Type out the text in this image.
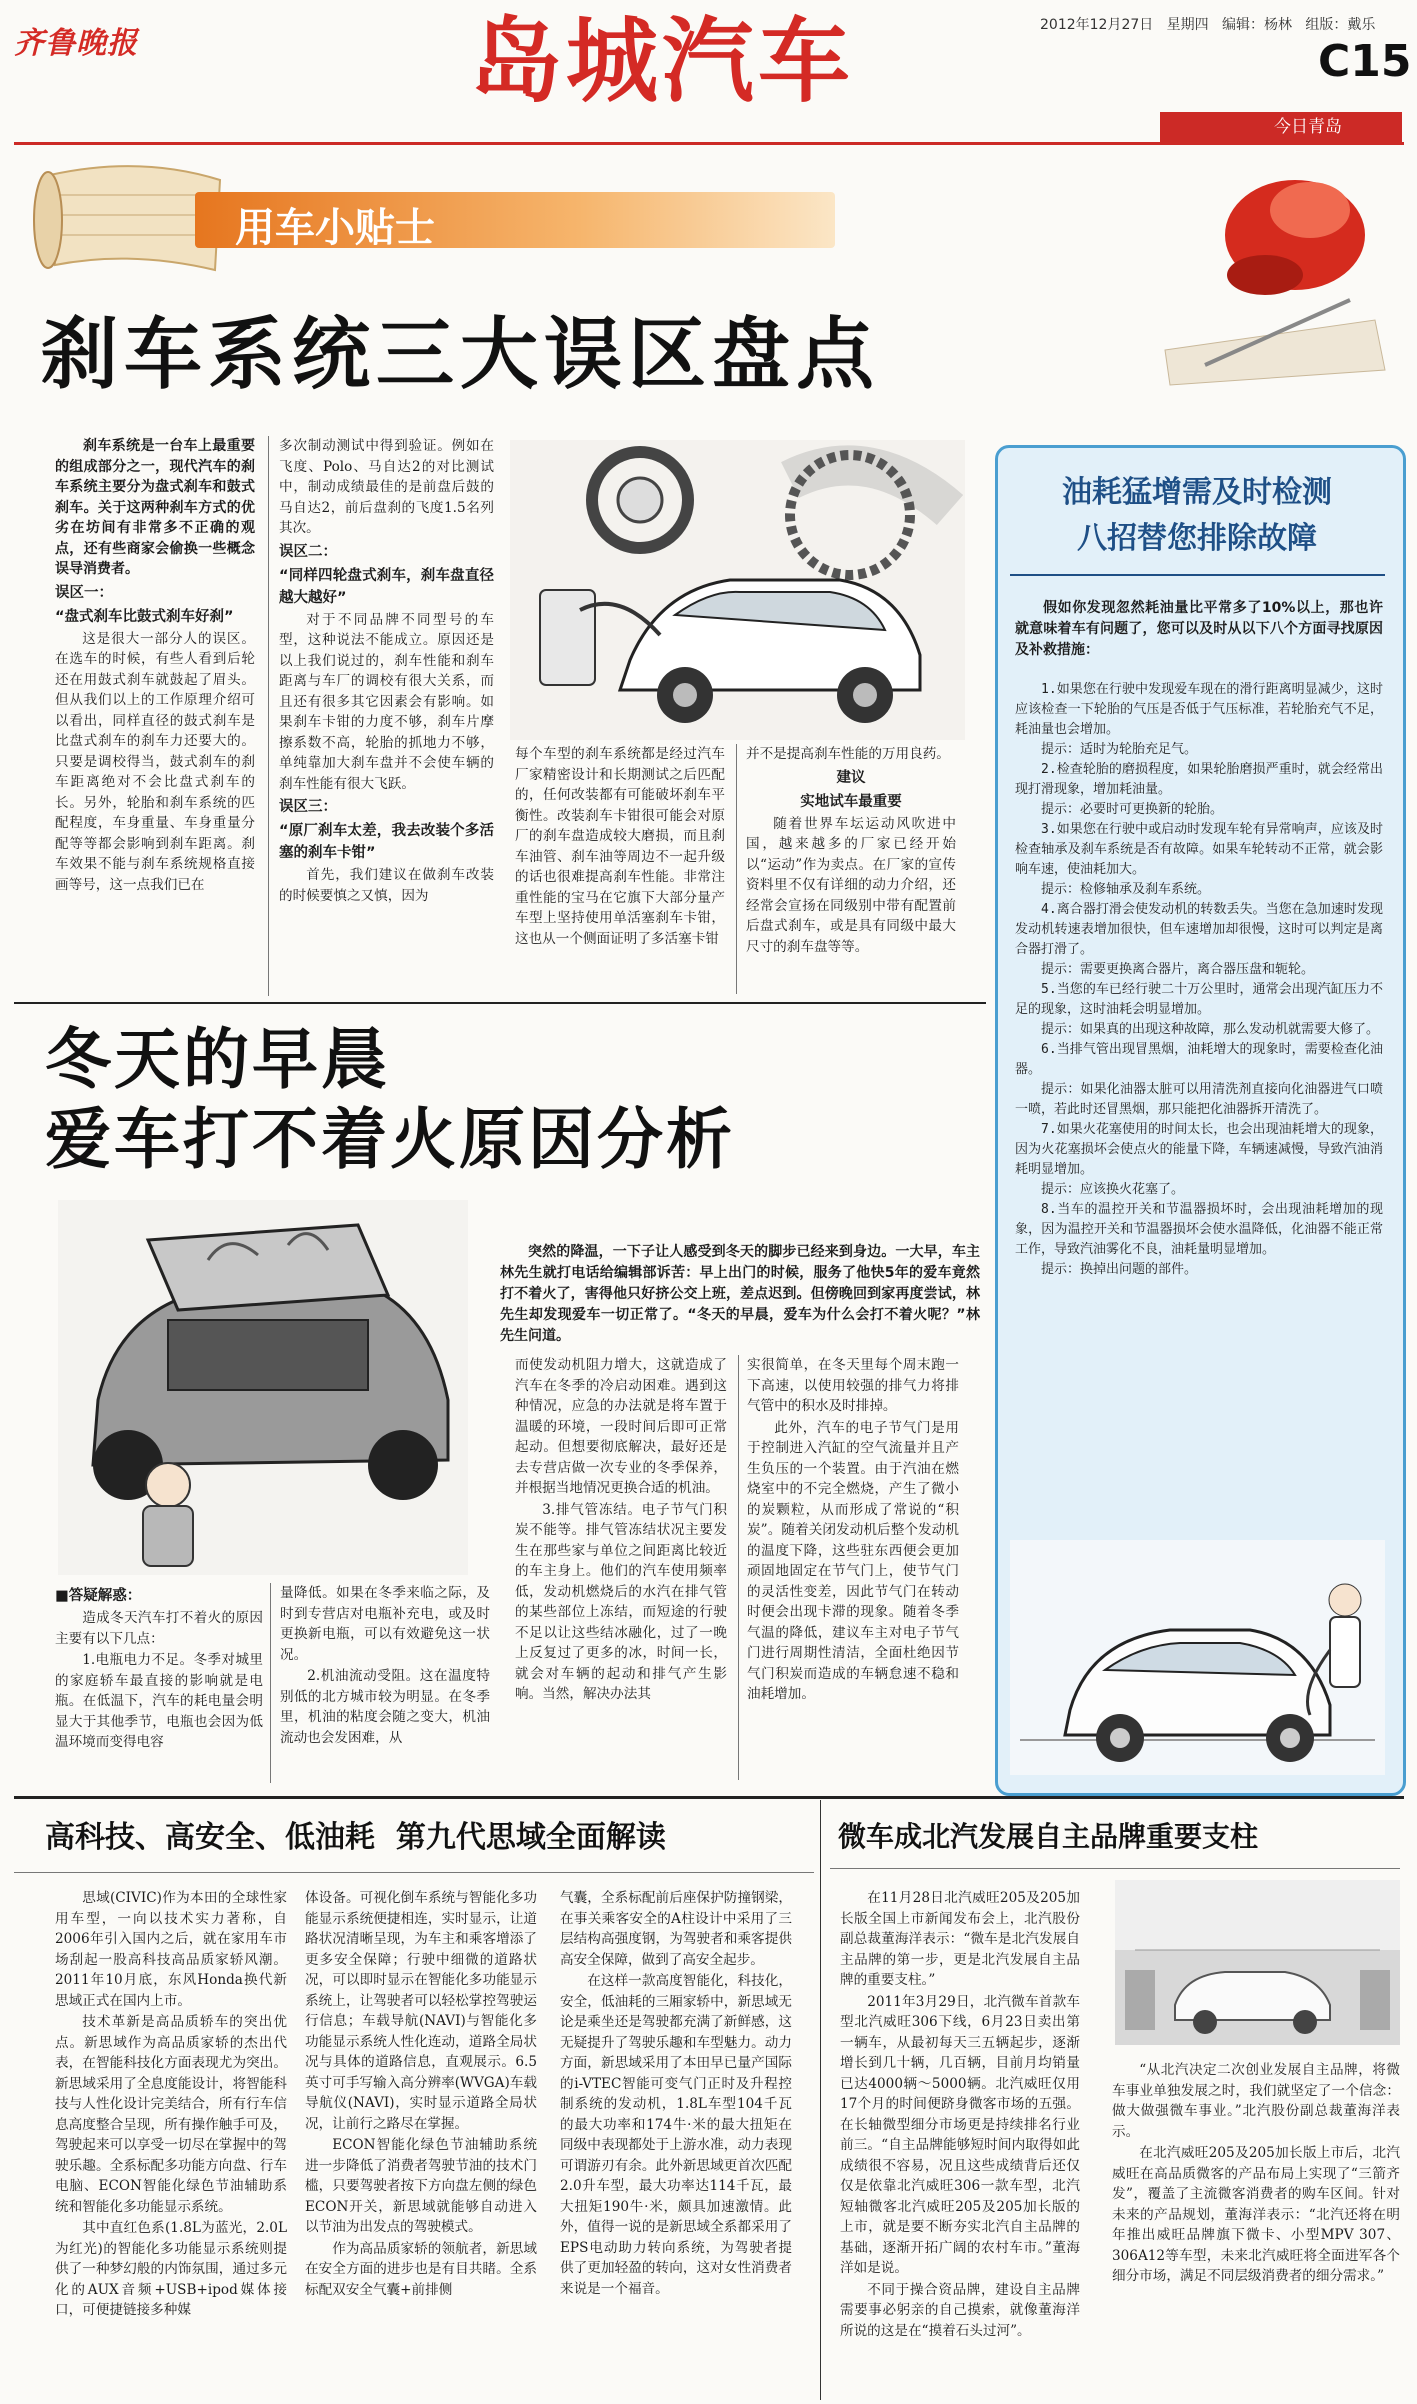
齐鲁晚报	岛城汽车	2012年12月27日 星期四 编辑：杨林 组版：戴乐
C15
今日青岛
用车小贴士
刹车系统三大误区盘点

刹车系统是一台车上最重要的组成部分之一，现代汽车的刹车系统主要分为盘式刹车和鼓式刹车。关于这两种刹车方式的优劣在坊间有非常多不正确的观点，还有些商家会偷换一些概念误导消费者。

误区一：

“盘式刹车比鼓式刹车好刹”

这是很大一部分人的误区。在选车的时候，有些人看到后轮还在用鼓式刹车就鼓起了眉头。但从我们以上的工作原理介绍可以看出，同样直径的鼓式刹车是比盘式刹车的刹车力还要大的。只要是调校得当，鼓式刹车的刹车距离绝对不会比盘式刹车的长。另外，轮胎和刹车系统的匹配程度，车身重量、车身重量分配等等都会影响到刹车距离。刹车效果不能与刹车系统规格直接画等号，这一点我们已在

多次制动测试中得到验证。例如在飞度、Polo、马自达2的对比测试中，制动成绩最佳的是前盘后鼓的马自达2，前后盘刹的飞度1.5名列其次。

误区二：

“同样四轮盘式刹车，刹车盘直径越大越好”

对于不同品牌不同型号的车型，这种说法不能成立。原因还是以上我们说过的，刹车性能和刹车距离与车厂的调校有很大关系，而且还有很多其它因素会有影响。如果刹车卡钳的力度不够，刹车片摩擦系数不高，轮胎的抓地力不够，单纯靠加大刹车盘并不会使车辆的刹车性能有很大飞跃。

误区三：

“原厂刹车太差，我去改装个多活塞的刹车卡钳”

首先，我们建议在做刹车改装的时候要慎之又慎，因为

每个车型的刹车系统都是经过汽车厂家精密设计和长期测试之后匹配的，任何改装都有可能破坏刹车平衡性。改装刹车卡钳很可能会对原厂的刹车盘造成较大磨损，而且刹车油管、刹车油等周边不一起升级的话也很难提高刹车性能。非常注重性能的宝马在它旗下大部分量产车型上坚持使用单活塞刹车卡钳，这也从一个侧面证明了多活塞卡钳

并不是提高刹车性能的万用良药。

建议

实地试车最重要

随着世界车坛运动风吹进中国，越来越多的厂家已经开始以“运动”作为卖点。在厂家的宣传资料里不仅有详细的动力介绍，还经常会宣扬在同级别中带有配置前后盘式刹车，或是具有同级中最大尺寸的刹车盘等等。

油耗猛增需及时检测
八招替您排除故障
假如你发现忽然耗油量比平常多了10%以上，那也许就意味着车有问题了，您可以及时从以下八个方面寻找原因及补救措施：
1.如果您在行驶中发现爱车现在的滑行距离明显减少，这时应该检查一下轮胎的气压是否低于气压标准，若轮胎充气不足，耗油量也会增加。
提示：适时为轮胎充足气。
2.检查轮胎的磨损程度，如果轮胎磨损严重时，就会经常出现打滑现象，增加耗油量。
提示：必要时可更换新的轮胎。
3.如果您在行驶中或启动时发现车轮有异常响声，应该及时检查轴承及刹车系统是否有故障。如果车轮转动不正常，就会影响车速，使油耗加大。
提示：检修轴承及刹车系统。
4.离合器打滑会使发动机的转数丢失。当您在急加速时发现发动机转速表增加很快，但车速增加却很慢，这时可以判定是离合器打滑了。
提示：需要更换离合器片，离合器压盘和轭轮。
5.当您的车已经行驶二十万公里时，通常会出现汽缸压力不足的现象，这时油耗会明显增加。
提示：如果真的出现这种故障，那么发动机就需要大修了。
6.当排气管出现冒黑烟，油耗增大的现象时，需要检查化油器。
提示：如果化油器太脏可以用清洗剂直接向化油器进气口喷一喷，若此时还冒黑烟，那只能把化油器拆开清洗了。
7.如果火花塞使用的时间太长，也会出现油耗增大的现象，因为火花塞损坏会使点火的能量下降，车辆速减慢，导致汽油消耗明显增加。
提示：应该换火花塞了。
8.当车的温控开关和节温器损坏时，会出现油耗增加的现象，因为温控开关和节温器损坏会使水温降低，化油器不能正常工作，导致汽油雾化不良，油耗量明显增加。
提示：换掉出问题的部件。
冬天的早晨
爱车打不着火原因分析
突然的降温，一下子让人感受到冬天的脚步已经来到身边。一大早，车主林先生就打电话给编辑部诉苦：早上出门的时候，服务了他快5年的爱车竟然打不着火了，害得他只好挤公交上班，差点迟到。但傍晚回到家再度尝试，林先生却发现爱车一切正常了。“冬天的早晨，爱车为什么会打不着火呢？”林先生问道。

而使发动机阻力增大，这就造成了汽车在冬季的冷启动困难。遇到这种情况，应急的办法就是将车置于温暖的环境，一段时间后即可正常起动。但想要彻底解决，最好还是去专营店做一次专业的冬季保养，并根据当地情况更换合适的机油。

3.排气管冻结。电子节气门积炭不能等。排气管冻结状况主要发生在那些家与单位之间距离比较近的车主身上。他们的汽车使用频率低，发动机燃烧后的水汽在排气管的某些部位上冻结，而短途的行驶不足以让这些结冰融化，过了一晚上反复过了更多的冰，时间一长，就会对车辆的起动和排气产生影响。当然，解决办法其

实很简单，在冬天里每个周末跑一下高速，以使用较强的排气力将排气管中的积水及时排掉。

此外，汽车的电子节气门是用于控制进入汽缸的空气流量并且产生负压的一个装置。由于汽油在燃烧室中的不完全燃烧，产生了微小的炭颗粒，从而形成了常说的“积炭”。随着关闭发动机后整个发动机的温度下降，这些驻东西便会更加顽固地固定在节气门上，使节气门的灵活性变差，因此节气门在转动时便会出现卡滞的现象。随着冬季气温的降低，建议车主对电子节气门进行周期性清洁，全面杜绝因节气门积炭而造成的车辆怠速不稳和油耗增加。

■答疑解惑：

造成冬天汽车打不着火的原因主要有以下几点：

1.电瓶电力不足。冬季对城里的家庭轿车最直接的影响就是电瓶。在低温下，汽车的耗电量会明显大于其他季节，电瓶也会因为低温环境而变得电容

量降低。如果在冬季来临之际，及时到专营店对电瓶补充电，或及时更换新电瓶，可以有效避免这一状况。

2.机油流动受阻。这在温度特别低的北方城市较为明显。在冬季里，机油的粘度会随之变大，机油流动也会发困难，从

高科技、高安全、低油耗  第九代思域全面解读

思域(CIVIC)作为本田的全球性家用车型，一向以技术实力著称，自2006年引入国内之后，就在家用车市场刮起一股高科技高品质家轿风潮。2011年10月底，东风Honda换代新思域正式在国内上市。

技术革新是高品质轿车的突出优点。新思域作为高品质家轿的杰出代表，在智能科技化方面表现尤为突出。新思域采用了全息度能设计，将智能科技与人性化设计完美结合，所有行车信息高度整合呈现，所有操作触手可及，驾驶起来可以享受一切尽在掌握中的驾驶乐趣。全系标配多功能方向盘、行车电脑、ECON智能化绿色节油辅助系统和智能化多功能显示系统。

其中直红色系(1.8L为蓝光，2.0L为红光)的智能化多功能显示系统则提供了一种梦幻般的内饰氛围，通过多元化的AUX音频+USB+ipod媒体接口，可便捷链接多种媒

体设备。可视化倒车系统与智能化多功能显示系统便捷相连，实时显示，让道路状况清晰呈现，为车主和乘客增添了更多安全保障；行驶中细微的道路状况，可以即时显示在智能化多功能显示系统上，让驾驶者可以轻松掌控驾驶运行信息；车载导航(NAVI)与智能化多功能显示系统人性化连动，道路全局状况与具体的道路信息，直观展示。6.5英寸可手写输入高分辨率(WVGA)车载导航仪(NAVI)，实时显示道路全局状况，让前行之路尽在掌握。

ECON智能化绿色节油辅助系统进一步降低了消费者驾驶节油的技术门槛，只要驾驶者按下方向盘左侧的绿色ECON开关，新思域就能够自动进入以节油为出发点的驾驶模式。

作为高品质家轿的领航者，新思域在安全方面的进步也是有目共睹。全系标配双安全气囊+前排侧

气囊，全系标配前后座保护防撞钢梁，在事关乘客安全的A柱设计中采用了三层结构高强度钢，为驾驶者和乘客提供高安全保障，做到了高安全起步。

在这样一款高度智能化，科技化，安全，低油耗的三厢家轿中，新思域无论是乘坐还是驾驶都充满了新鲜感，这无疑提升了驾驶乐趣和车型魅力。动力方面，新思域采用了本田早已量产国际的i-VTEC智能可变气门正时及升程控制系统的发动机，1.8L车型104千瓦的最大功率和174牛·米的最大扭矩在同级中表现都处于上游水准，动力表现可谓游刃有余。此外新思域更首次匹配2.0升车型，最大功率达114千瓦，最大扭矩190牛·米，颇具加速激情。此外，值得一说的是新思域全系都采用了EPS电动助力转向系统，为驾驶者提供了更加轻盈的转向，这对女性消费者来说是一个福音。

微车成北汽发展自主品牌重要支柱

在11月28日北汽威旺205及205加长版全国上市新闻发布会上，北汽股份副总裁董海洋表示：“微车是北汽发展自主品牌的第一步，更是北汽发展自主品牌的重要支柱。”

2011年3月29日，北汽微车首款车型北汽威旺306下线，6月23日卖出第一辆车，从最初每天三五辆起步，逐渐增长到几十辆，几百辆，目前月均销量已达4000辆～5000辆。北汽威旺仅用17个月的时间便跻身微客市场的五强。在长轴微型细分市场更是持续排名行业前三。“自主品牌能够短时间内取得如此成绩很不容易，况且这些成绩背后还仅仅是依靠北汽威旺306一款车型，北汽短轴微客北汽威旺205及205加长版的上市，就是要不断夯实北汽自主品牌的基础，逐渐开拓广阔的农村车市。”董海洋如是说。

不同于操合资品牌，建设自主品牌需要事必躬亲的自己摸索，就像董海洋所说的这是在“摸着石头过河”。

“从北汽决定二次创业发展自主品牌，将微车事业单独发展之时，我们就坚定了一个信念：做大做强微车事业。”北汽股份副总裁董海洋表示。

在北汽威旺205及205加长版上市后，北汽威旺在高品质微客的产品布局上实现了“三箭齐发”，覆盖了主流微客消费者的购车区间。针对未来的产品规划，董海洋表示：“北汽还将在明年推出威旺品牌旗下微卡、小型MPV 307、306A12等车型，未来北汽威旺将全面进军各个细分市场，满足不同层级消费者的细分需求。”
